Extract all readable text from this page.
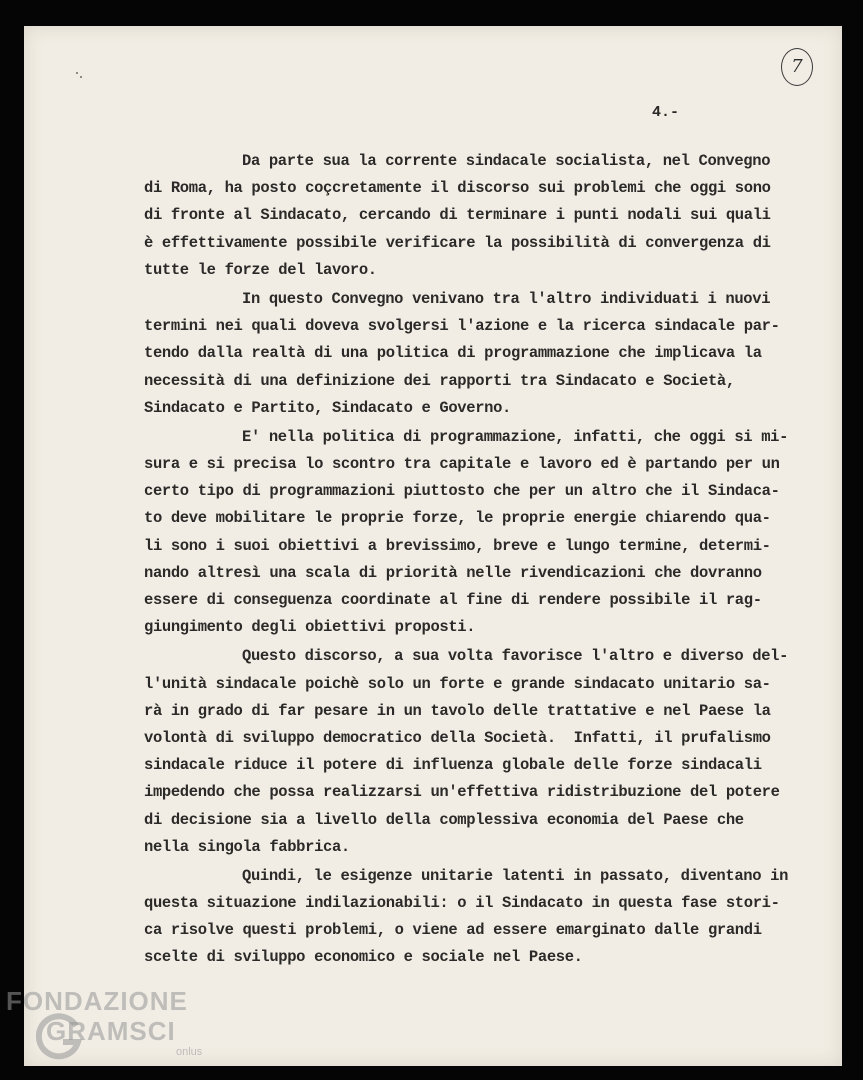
7
4.-
Da parte sua la corrente sindacale socialista, nel Convegno
di Roma, ha posto coçcretamente il discorso sui problemi che oggi sono
di fronte al Sindacato, cercando di terminare i punti nodali sui quali
è effettivamente possibile verificare la possibilità di convergenza di
tutte le forze del lavoro.
In questo Convegno venivano tra l'altro individuati i nuovi
termini nei quali doveva svolgersi l'azione e la ricerca sindacale par-
tendo dalla realtà di una politica di programmazione che implicava la
necessità di una definizione dei rapporti tra Sindacato e Società,
Sindacato e Partito, Sindacato e Governo.
E' nella politica di programmazione, infatti, che oggi si mi-
sura e si precisa lo scontro tra capitale e lavoro ed è partando per un
certo tipo di programmazioni piuttosto che per un altro che il Sindaca-
to deve mobilitare le proprie forze, le proprie energie chiarendo qua-
li sono i suoi obiettivi a brevissimo, breve e lungo termine, determi-
nando altresì una scala di priorità nelle rivendicazioni che dovranno
essere di conseguenza coordinate al fine di rendere possibile il rag-
giungimento degli obiettivi proposti.
Questo discorso, a sua volta favorisce l'altro e diverso del-
l'unità sindacale poichè solo un forte e grande sindacato unitario sa-
rà in grado di far pesare in un tavolo delle trattative e nel Paese la
volontà di sviluppo democratico della Società.  Infatti, il prufalismo
sindacale riduce il potere di influenza globale delle forze sindacali
impedendo che possa realizzarsi un'effettiva ridistribuzione del potere
di decisione sia a livello della complessiva economia del Paese che
nella singola fabbrica.
Quindi, le esigenze unitarie latenti in passato, diventano in
questa situazione indilazionabili: o il Sindacato in questa fase stori-
ca risolve questi problemi, o viene ad essere emarginato dalle grandi
scelte di sviluppo economico e sociale nel Paese.
FONDAZIONE
GRAMSCI
onlus
